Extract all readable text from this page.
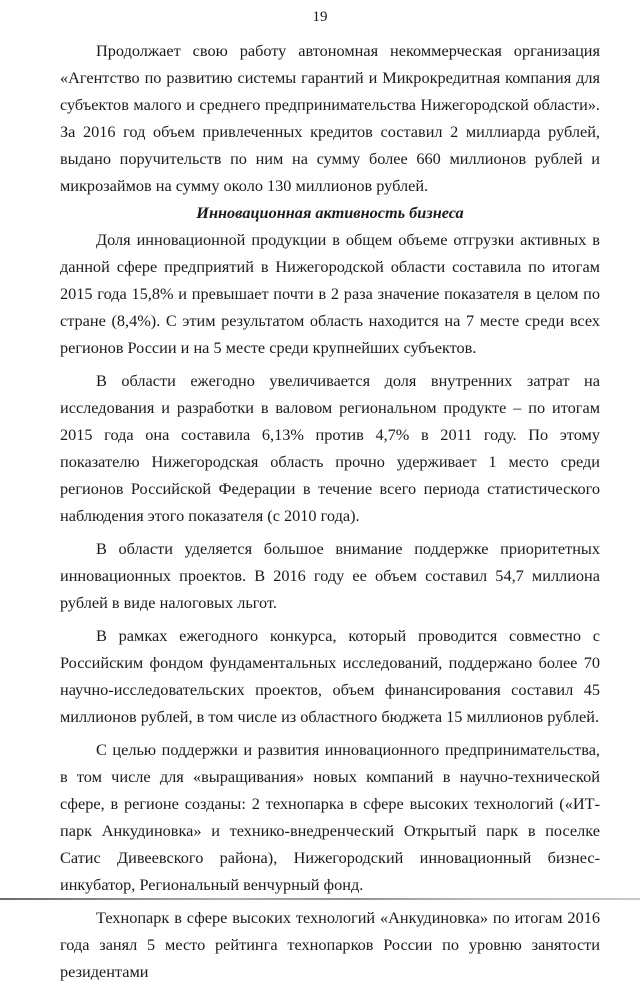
19

Продолжает свою работу автономная некоммерческая организация «Агентство по развитию системы гарантий и Микрокредитная компания для субъектов малого и среднего предпринимательства Нижегородской области». За 2016 год объем привлеченных кредитов составил 2 миллиарда рублей, выдано поручительств по ним на сумму более 660 миллионов рублей и микрозаймов на сумму около 130 миллионов рублей.

Инновационная активность бизнеса

Доля инновационной продукции в общем объеме отгрузки активных в данной сфере предприятий в Нижегородской области составила по итогам 2015 года 15,8% и превышает почти в 2 раза значение показателя в целом по стране (8,4%). С этим результатом область находится на 7 месте среди всех регионов России и на 5 месте среди крупнейших субъектов.

В области ежегодно увеличивается доля внутренних затрат на исследования и разработки в валовом региональном продукте – по итогам 2015 года она составила 6,13% против 4,7% в 2011 году. По этому показателю Нижегородская область прочно удерживает 1 место среди регионов Российской Федерации в течение всего периода статистического наблюдения этого показателя (с 2010 года).

В области уделяется большое внимание поддержке приоритетных инновационных проектов. В 2016 году ее объем составил 54,7 миллиона рублей в виде налоговых льгот.

В рамках ежегодного конкурса, который проводится совместно с Российским фондом фундаментальных исследований, поддержано более 70 научно-исследовательских проектов, объем финансирования составил 45 миллионов рублей, в том числе из областного бюджета 15 миллионов рублей.

С целью поддержки и развития инновационного предпринимательства, в том числе для «выращивания» новых компаний в научно-технической сфере, в регионе созданы: 2 технопарка в сфере высоких технологий («ИТ-парк Анкудиновка» и технико-внедренческий Открытый парк в поселке Сатис Дивеевского района), Нижегородский инновационный бизнес-инкубатор, Региональный венчурный фонд.

Технопарк в сфере высоких технологий «Анкудиновка» по итогам 2016 года занял 5 место рейтинга технопарков России по уровню занятости резидентами
